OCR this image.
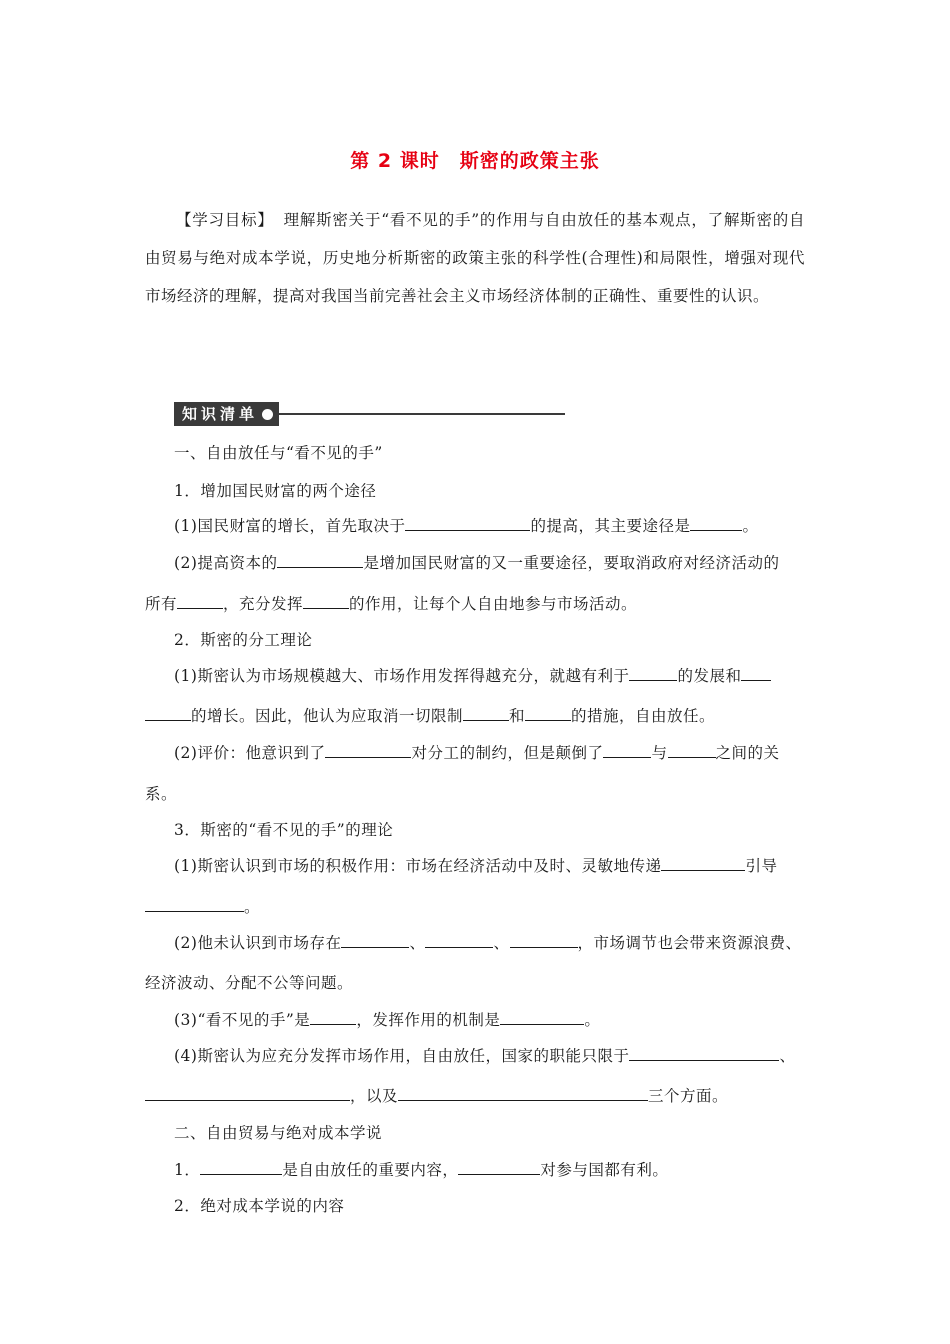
第 2 课时　斯密的政策主张

【学习目标】 理解斯密关于“看不见的手”的作用与自由放任的基本观点，了解斯密的自由贸易与绝对成本学说，历史地分析斯密的政策主张的科学性(合理性)和局限性，增强对现代市场经济的理解，提高对我国当前完善社会主义市场经济体制的正确性、重要性的认识。

知识清单
一、自由放任与“看不见的手”
1．增加国民财富的两个途径
(1)国民财富的增长，首先取决于	的提高，其主要途径是	。
(2)提高资本的	是增加国民财富的又一重要途径，要取消政府对经济活动的
所有	，充分发挥	的作用，让每个人自由地参与市场活动。
2．斯密的分工理论
(1)斯密认为市场规模越大、市场作用发挥得越充分，就越有利于	的发展和
的增长。因此，他认为应取消一切限制	和	的措施，自由放任。
(2)评价：他意识到了	对分工的制约，但是颠倒了	与	之间的关
系。
3．斯密的“看不见的手”的理论
(1)斯密认识到市场的积极作用：市场在经济活动中及时、灵敏地传递	引导
。
(2)他未认识到市场存在	、	、	，市场调节也会带来资源浪费、
经济波动、分配不公等问题。
(3)“看不见的手”是	，发挥作用的机制是	。
(4)斯密认为应充分发挥市场作用，自由放任，国家的职能只限于	、
，以及	三个方面。
二、自由贸易与绝对成本学说
1．	是自由放任的重要内容，	对参与国都有利。
2．绝对成本学说的内容
